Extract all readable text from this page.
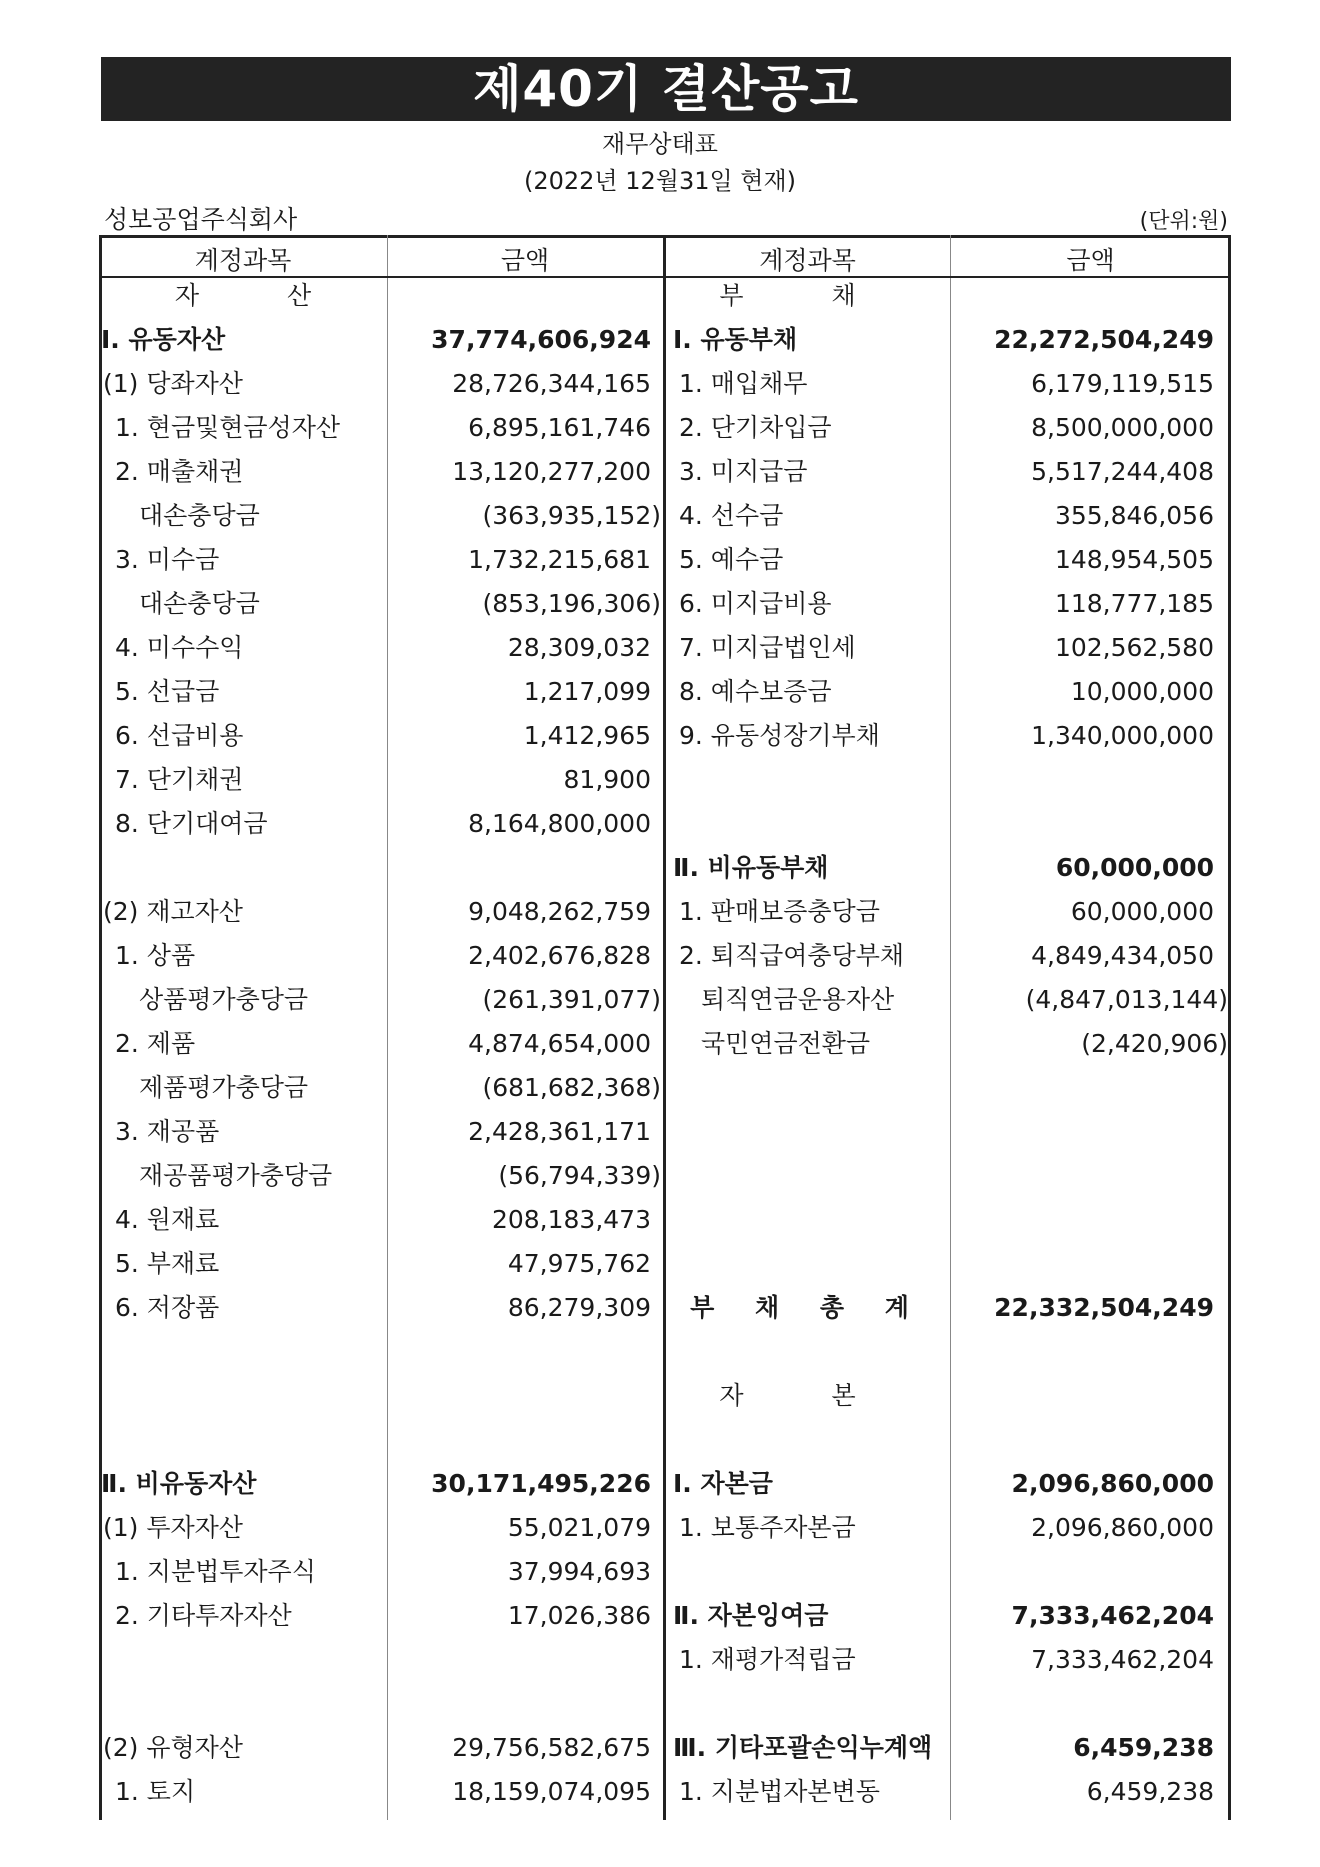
제40기 결산공고
재무상태표
(2022년 12월31일 현재)
성보공업주식회사	(단위:원)
계정과목	금액	계정과목	금액
자 산
Ⅰ. 유동자산	37,774,606,924
(1) 당좌자산	28,726,344,165
1. 현금및현금성자산	6,895,161,746
2. 매출채권	13,120,277,200
대손충당금	(363,935,152)
3. 미수금	1,732,215,681
대손충당금	(853,196,306)
4. 미수수익	28,309,032
5. 선급금	1,217,099
6. 선급비용	1,412,965
7. 단기채권	81,900
8. 단기대여금	8,164,800,000
(2) 재고자산	9,048,262,759
1. 상품	2,402,676,828
상품평가충당금	(261,391,077)
2. 제품	4,874,654,000
제품평가충당금	(681,682,368)
3. 재공품	2,428,361,171
재공품평가충당금	(56,794,339)
4. 원재료	208,183,473
5. 부재료	47,975,762
6. 저장품	86,279,309
Ⅱ. 비유동자산	30,171,495,226
(1) 투자자산	55,021,079
1. 지분법투자주식	37,994,693
2. 기타투자자산	17,026,386
(2) 유형자산	29,756,582,675
1. 토지	18,159,074,095
부 채
Ⅰ. 유동부채	22,272,504,249
1. 매입채무	6,179,119,515
2. 단기차입금	8,500,000,000
3. 미지급금	5,517,244,408
4. 선수금	355,846,056
5. 예수금	148,954,505
6. 미지급비용	118,777,185
7. 미지급법인세	102,562,580
8. 예수보증금	10,000,000
9. 유동성장기부채	1,340,000,000
Ⅱ. 비유동부채	60,000,000
1. 판매보증충당금	60,000,000
2. 퇴직급여충당부채	4,849,434,050
퇴직연금운용자산	(4,847,013,144)
국민연금전환금	(2,420,906)
부 채 총 계	22,332,504,249
자 본
Ⅰ. 자본금	2,096,860,000
1. 보통주자본금	2,096,860,000
Ⅱ. 자본잉여금	7,333,462,204
1. 재평가적립금	7,333,462,204
Ⅲ. 기타포괄손익누계액	6,459,238
1. 지분법자본변동	6,459,238
